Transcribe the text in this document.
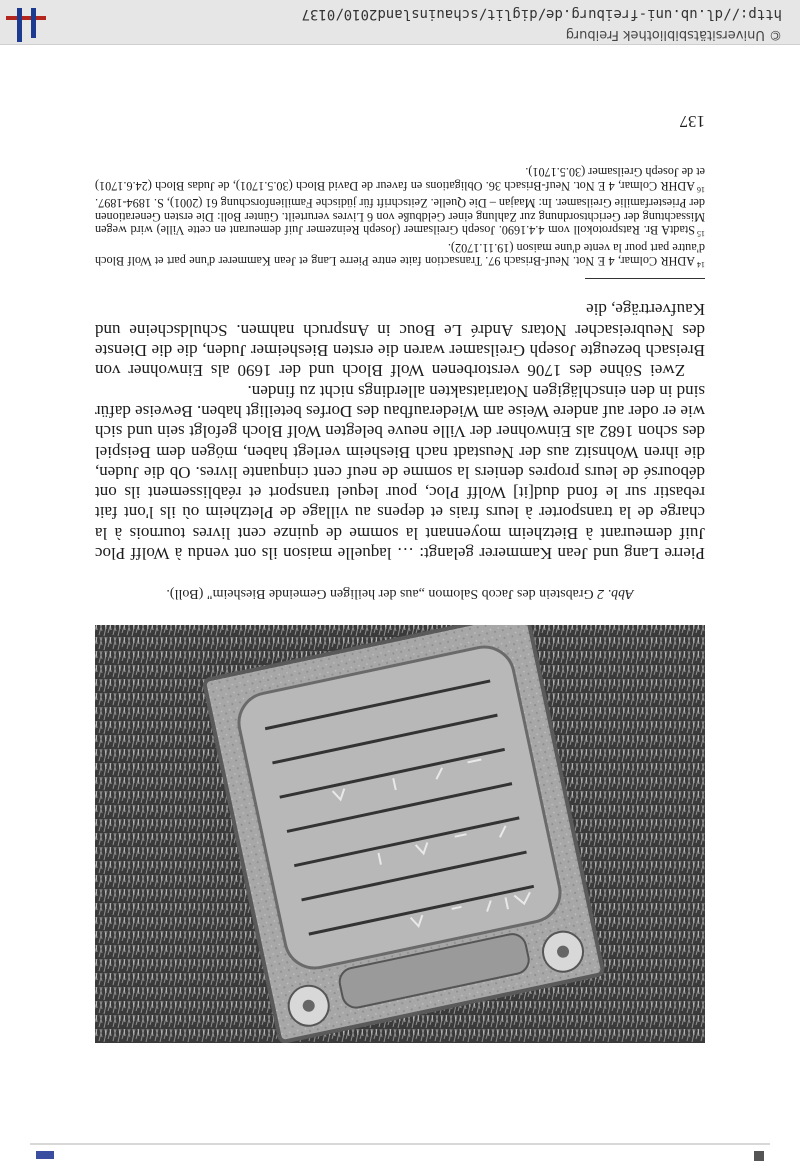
Abb. 2 Grabstein des Jacob Salomon „aus der heiligen Gemeinde Biesheim" (Boll).

Pierre Lang und Jean Kammerer gelangt: … laquelle maison ils ont vendu à Wolff Ploc Juif demeurant à Bietzheim moyennant la somme de quinze cent livres tournois à la charge de la transporter à leurs frais et depens au village de Pletzheim où ils l'ont fait rebastir sur le fond dud[it] Wolff Ploc, pour lequel transport et réablissement ils ont déboursé de leurs propres deniers la somme de neuf cent cinquante livres. Ob die Juden, die ihren Wohnsitz aus der Neustadt nach Biesheim verlegt haben, mögen dem Beispiel des schon 1682 als Einwohner der Ville neuve belegten Wolf Bloch gefolgt sein und sich wie er oder auf andere Weise am Wiederaufbau des Dorfes beteiligt haben. Beweise dafür sind in den einschlägigen Notariatsakten allerdings nicht zu finden.

Zwei Söhne des 1706 verstorbenen Wolf Bloch und der 1690 als Einwohner von Breisach bezeugte Joseph Greilsamer waren die ersten Biesheimer Juden, die die Dienste des Neubreisacher Notars André Le Bouc in Anspruch nahmen. Schuldscheine und Kaufverträge, die

$^{14}$ADHR Colmar, 4 E Not. Neuf-Brisach 97. Transaction faite entre Pierre Lang et Jean Kammerer d'une part et Wolf Bloch d'autre part pour la vente d'une maison (19.11.1702).
$^{15}$StadtA Br. Ratsprotokoll vom 4.4.1690. Joseph Greilsamer (Joseph Reinzemer Juif demeurant en cette Ville) wird wegen Missachtung der Gerichtsordnung zur Zahlung einer Geldbuße von 6 Livres verurteilt. Günter Boll: Die ersten Generationen der Priesterfamilie Greilsamer. In: Maajan – Die Quelle. Zeitschrift für jüdische Familienforschung 61 (2001), S. 1894-1897.
$^{16}$ADHR Colmar, 4 E Not. Neuf-Brisach 36. Obligations en faveur de David Bloch (30.5.1701), de Judas Bloch (24.6.1701) et de Joseph Greilsamer (30.5.1701).
137
http://dl.ub.uni-freiburg.de/diglit/schauinsland2010/0137
© Universitätsbibliothek Freiburg
